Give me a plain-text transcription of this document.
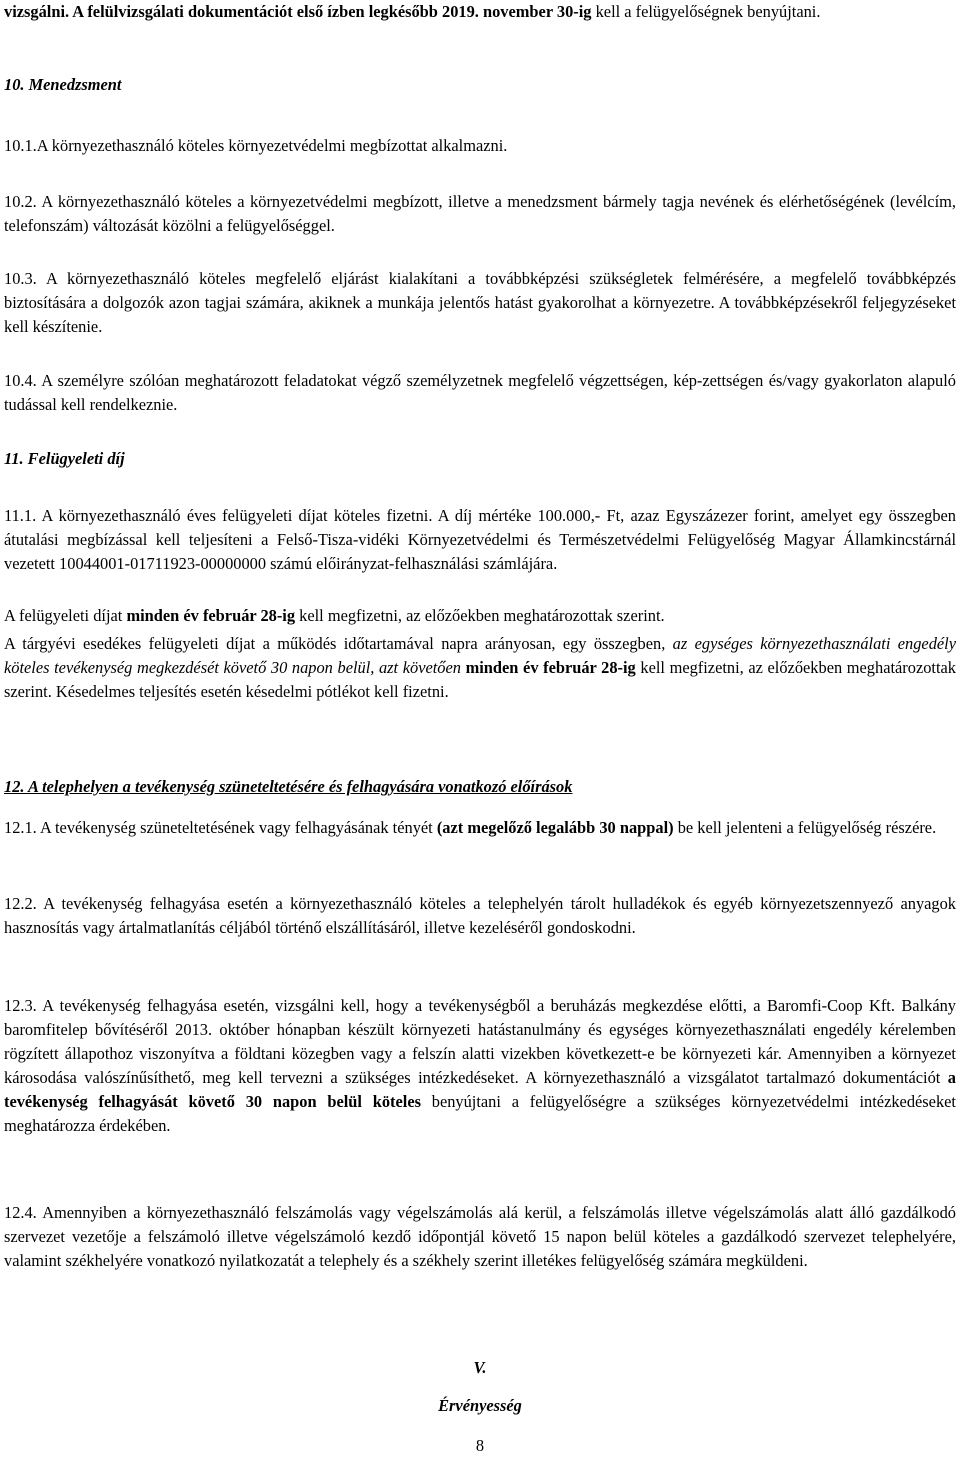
vizsgálni. A felülvizsgálati dokumentációt első ízben legkésőbb 2019. november 30-ig kell a felügyelőségnek benyújtani.

10. Menedzsment

10.1.A környezethasználó köteles környezetvédelmi megbízottat alkalmazni.

10.2. A környezethasználó köteles a környezetvédelmi megbízott, illetve a menedzsment bármely tagja nevének és elérhetőségének (levélcím, telefonszám) változását közölni a felügyelőséggel.

10.3. A környezethasználó köteles megfelelő eljárást kialakítani a továbbképzési szükségletek felmérésére, a megfelelő továbbképzés biztosítására a dolgozók azon tagjai számára, akiknek a munkája jelentős hatást gyakorolhat a környezetre. A továbbképzésekről feljegyzéseket kell készítenie.

10.4. A személyre szólóan meghatározott feladatokat végző személyzetnek megfelelő végzettségen, kép-zettségen és/vagy gyakorlaton alapuló tudással kell rendelkeznie.

11. Felügyeleti díj

11.1. A környezethasználó éves felügyeleti díjat köteles fizetni. A díj mértéke 100.000,- Ft, azaz Egyszázezer forint, amelyet egy összegben átutalási megbízással kell teljesíteni a Felső-Tisza-vidéki Környezetvédelmi és Természetvédelmi Felügyelőség Magyar Államkincstárnál vezetett 10044001-01711923-00000000 számú előirányzat-felhasználási számlájára.

A felügyeleti díjat minden év február 28-ig kell megfizetni, az előzőekben meghatározottak szerint.

A tárgyévi esedékes felügyeleti díjat a működés időtartamával napra arányosan, egy összegben, az egységes környezethasználati engedély köteles tevékenység megkezdését követő 30 napon belül, azt követően minden év február 28-ig kell megfizetni, az előzőekben meghatározottak szerint. Késedelmes teljesítés esetén késedelmi pótlékot kell fizetni.

12. A telephelyen a tevékenység szüneteltetésére és felhagyására vonatkozó előírások

12.1. A tevékenység szüneteltetésének vagy felhagyásának tényét (azt megelőző legalább 30 nappal) be kell jelenteni a felügyelőség részére.

12.2. A tevékenység felhagyása esetén a környezethasználó köteles a telephelyén tárolt hulladékok és egyéb környezetszennyező anyagok hasznosítás vagy ártalmatlanítás céljából történő elszállításáról, illetve kezeléséről gondoskodni.

12.3. A tevékenység felhagyása esetén, vizsgálni kell, hogy a tevékenységből a beruházás megkezdése előtti, a Baromfi-Coop Kft. Balkány baromfitelep bővítéséről 2013. október hónapban készült környezeti hatástanulmány és egységes környezethasználati engedély kérelemben rögzített állapothoz viszonyítva a földtani közegben vagy a felszín alatti vizekben következett-e be környezeti kár. Amennyiben a környezet károsodása valószínűsíthető, meg kell tervezni a szükséges intézkedéseket. A környezethasználó a vizsgálatot tartalmazó dokumentációt a tevékenység felhagyását követő 30 napon belül köteles benyújtani a felügyelőségre a szükséges környezetvédelmi intézkedéseket meghatározza érdekében.

12.4. Amennyiben a környezethasználó felszámolás vagy végelszámolás alá kerül, a felszámolás illetve végelszámolás alatt álló gazdálkodó szervezet vezetője a felszámoló illetve végelszámoló kezdő időpontjál követő 15 napon belül köteles a gazdálkodó szervezet telephelyére, valamint székhelyére vonatkozó nyilatkozatát a telephely és a székhely szerint illetékes felügyelőség számára megküldeni.

V.

Érvényesség

8
